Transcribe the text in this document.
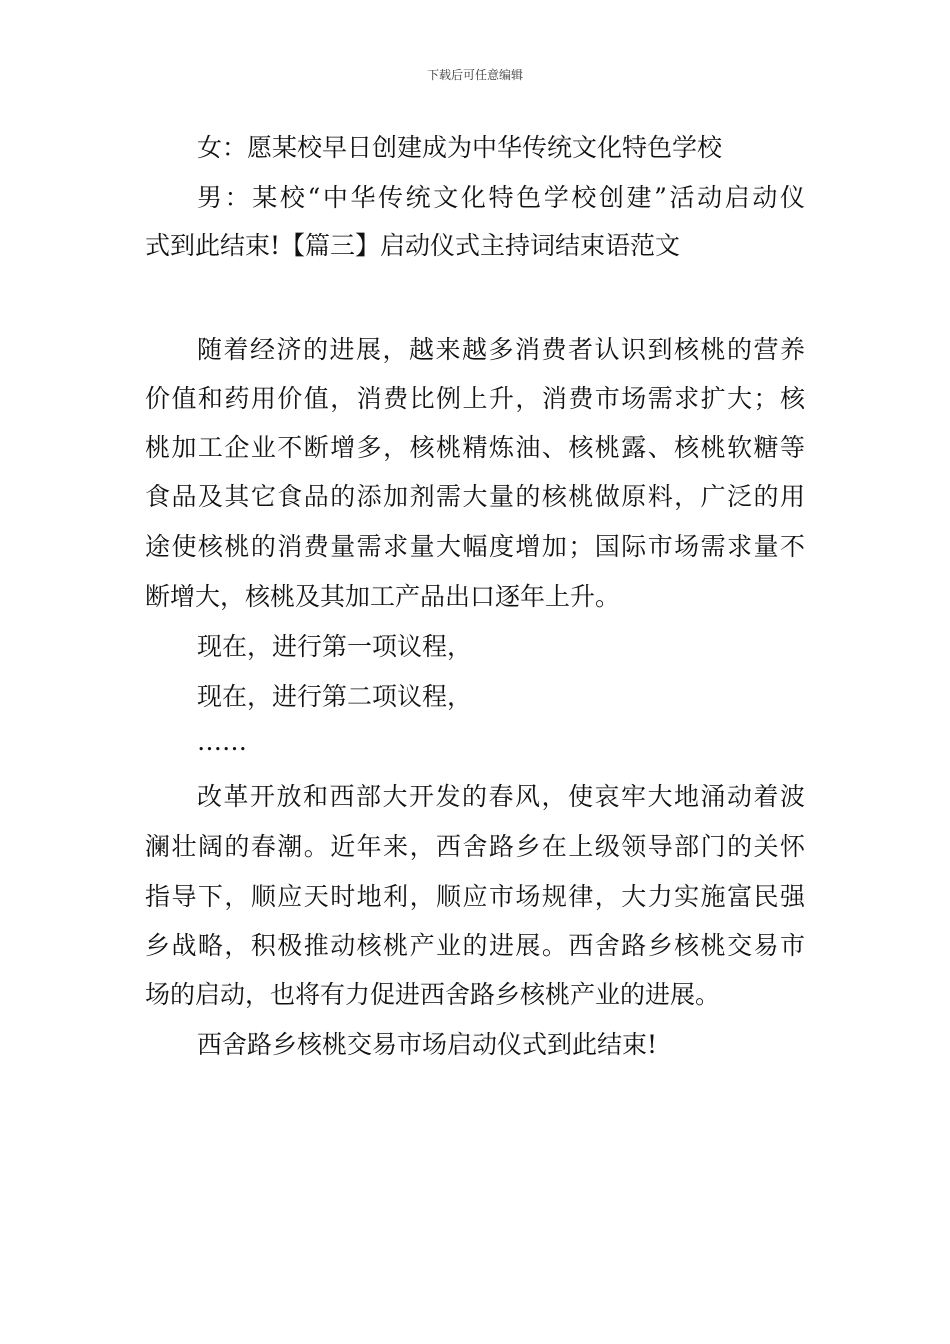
下载后可任意编辑
女：愿某校早日创建成为中华传统文化特色学校
男：某校“中华传统文化特色学校创建”活动启动仪
式到此结束!【篇三】启动仪式主持词结束语范文
随着经济的进展，越来越多消费者认识到核桃的营养
价值和药用价值，消费比例上升，消费市场需求扩大；核
桃加工企业不断增多，核桃精炼油、核桃露、核桃软糖等
食品及其它食品的添加剂需大量的核桃做原料，广泛的用
途使核桃的消费量需求量大幅度增加；国际市场需求量不
断增大，核桃及其加工产品出口逐年上升。
现在，进行第一项议程，
现在，进行第二项议程，
……
改革开放和西部大开发的春风，使哀牢大地涌动着波
澜壮阔的春潮。近年来，西舍路乡在上级领导部门的关怀
指导下，顺应天时地利，顺应市场规律，大力实施富民强
乡战略，积极推动核桃产业的进展。西舍路乡核桃交易市
场的启动，也将有力促进西舍路乡核桃产业的进展。
西舍路乡核桃交易市场启动仪式到此结束!
